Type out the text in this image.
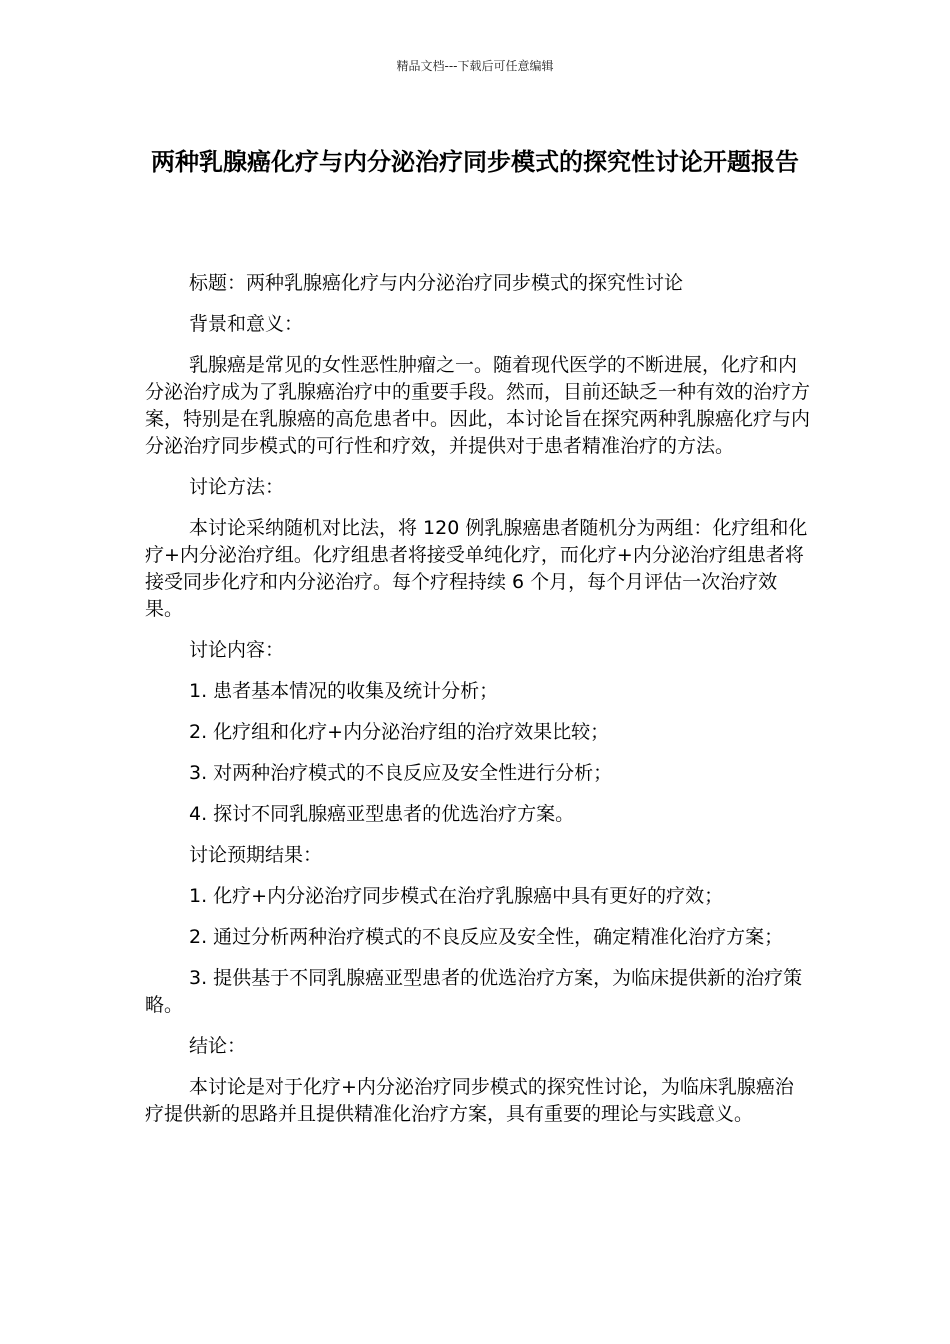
精品文档---下载后可任意编辑
两种乳腺癌化疗与内分泌治疗同步模式的探究性讨论开题报告

标题：两种乳腺癌化疗与内分泌治疗同步模式的探究性讨论

背景和意义：

乳腺癌是常见的女性恶性肿瘤之一。随着现代医学的不断进展，化疗和内分泌治疗成为了乳腺癌治疗中的重要手段。然而，目前还缺乏一种有效的治疗方案，特别是在乳腺癌的高危患者中。因此，本讨论旨在探究两种乳腺癌化疗与内分泌治疗同步模式的可行性和疗效，并提供对于患者精准治疗的方法。

讨论方法：

本讨论采纳随机对比法，将 120 例乳腺癌患者随机分为两组：化疗组和化疗+内分泌治疗组。化疗组患者将接受单纯化疗，而化疗+内分泌治疗组患者将接受同步化疗和内分泌治疗。每个疗程持续 6 个月，每个月评估一次治疗效果。

讨论内容：

1. 患者基本情况的收集及统计分析；

2. 化疗组和化疗+内分泌治疗组的治疗效果比较；

3. 对两种治疗模式的不良反应及安全性进行分析；

4. 探讨不同乳腺癌亚型患者的优选治疗方案。

讨论预期结果：

1. 化疗+内分泌治疗同步模式在治疗乳腺癌中具有更好的疗效；

2. 通过分析两种治疗模式的不良反应及安全性，确定精准化治疗方案；

3. 提供基于不同乳腺癌亚型患者的优选治疗方案，为临床提供新的治疗策略。

结论：

本讨论是对于化疗+内分泌治疗同步模式的探究性讨论，为临床乳腺癌治疗提供新的思路并且提供精准化治疗方案，具有重要的理论与实践意义。
